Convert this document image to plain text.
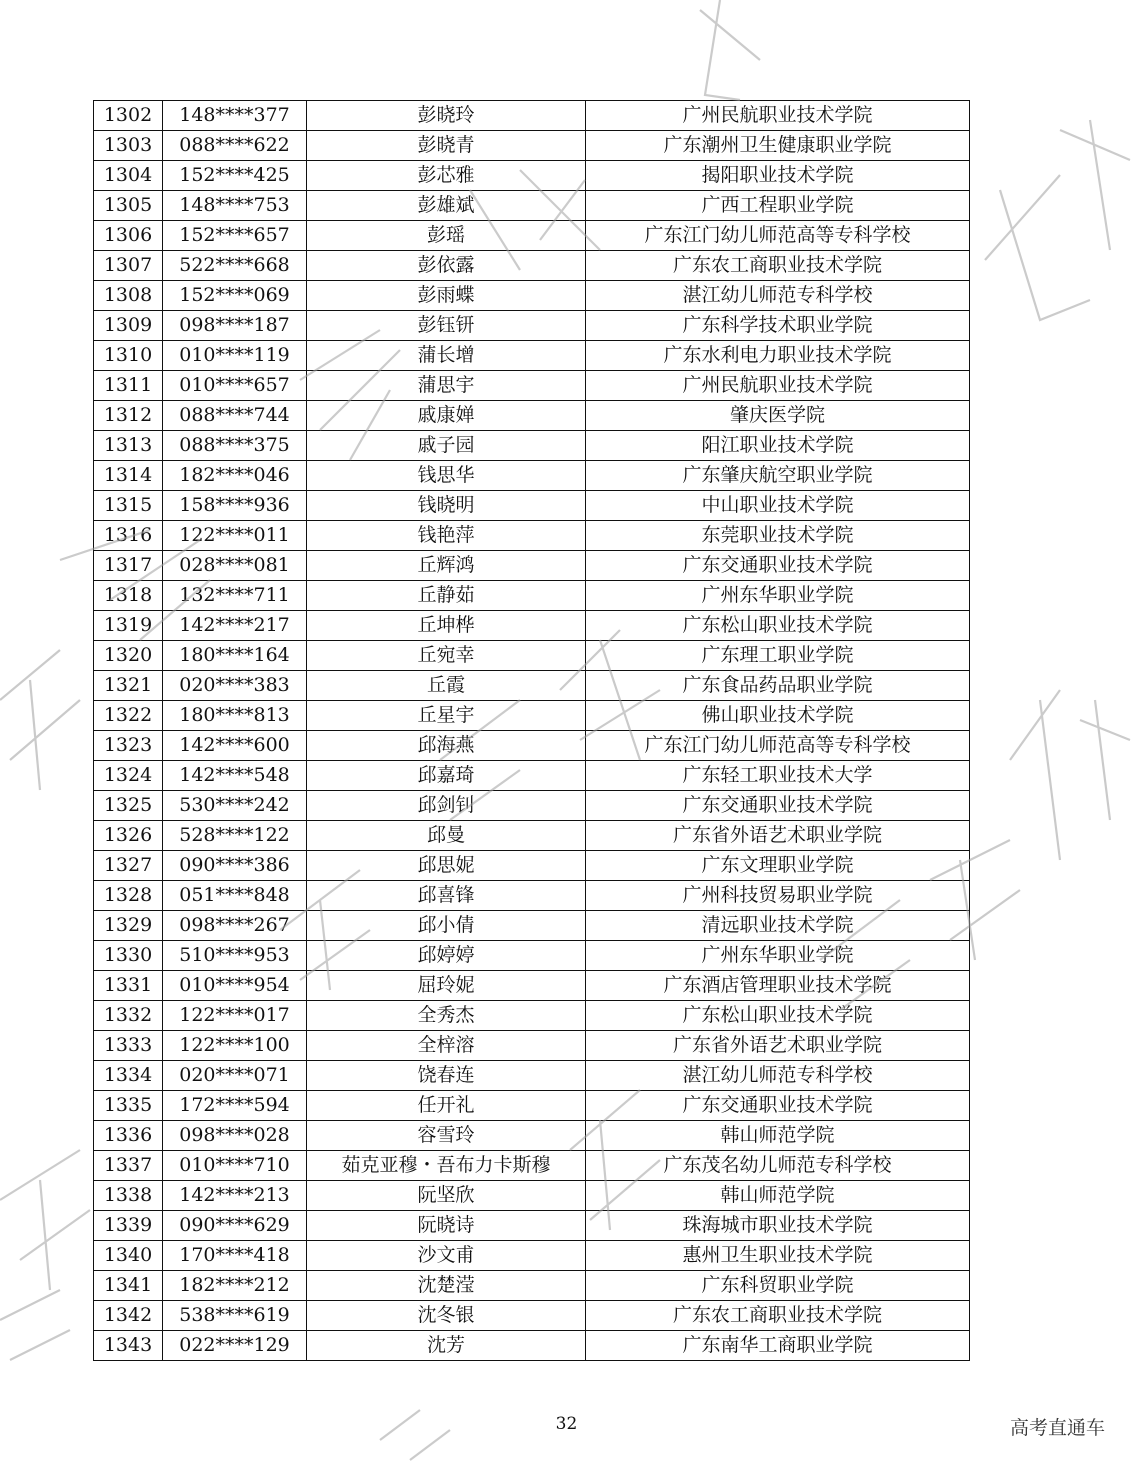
1302	148****377	彭晓玲	广州民航职业技术学院
1303	088****622	彭晓青	广东潮州卫生健康职业学院
1304	152****425	彭芯雅	揭阳职业技术学院
1305	148****753	彭雄斌	广西工程职业学院
1306	152****657	彭瑶	广东江门幼儿师范高等专科学校
1307	522****668	彭依露	广东农工商职业技术学院
1308	152****069	彭雨蝶	湛江幼儿师范专科学校
1309	098****187	彭钰钘	广东科学技术职业学院
1310	010****119	蒲长增	广东水利电力职业技术学院
1311	010****657	蒲思宇	广州民航职业技术学院
1312	088****744	戚康婵	肇庆医学院
1313	088****375	戚子园	阳江职业技术学院
1314	182****046	钱思华	广东肇庆航空职业学院
1315	158****936	钱晓明	中山职业技术学院
1316	122****011	钱艳萍	东莞职业技术学院
1317	028****081	丘辉鸿	广东交通职业技术学院
1318	132****711	丘静茹	广州东华职业学院
1319	142****217	丘坤桦	广东松山职业技术学院
1320	180****164	丘宛幸	广东理工职业学院
1321	020****383	丘霞	广东食品药品职业学院
1322	180****813	丘星宇	佛山职业技术学院
1323	142****600	邱海燕	广东江门幼儿师范高等专科学校
1324	142****548	邱嘉琦	广东轻工职业技术大学
1325	530****242	邱剑钊	广东交通职业技术学院
1326	528****122	邱曼	广东省外语艺术职业学院
1327	090****386	邱思妮	广东文理职业学院
1328	051****848	邱喜锋	广州科技贸易职业学院
1329	098****267	邱小倩	清远职业技术学院
1330	510****953	邱婷婷	广州东华职业学院
1331	010****954	屈玲妮	广东酒店管理职业技术学院
1332	122****017	全秀杰	广东松山职业技术学院
1333	122****100	全梓溶	广东省外语艺术职业学院
1334	020****071	饶春连	湛江幼儿师范专科学校
1335	172****594	任开礼	广东交通职业技术学院
1336	098****028	容雪玲	韩山师范学院
1337	010****710	茹克亚穆・吾布力卡斯穆	广东茂名幼儿师范专科学校
1338	142****213	阮坚欣	韩山师范学院
1339	090****629	阮晓诗	珠海城市职业技术学院
1340	170****418	沙文甫	惠州卫生职业技术学院
1341	182****212	沈楚滢	广东科贸职业学院
1342	538****619	沈冬银	广东农工商职业技术学院
1343	022****129	沈芳	广东南华工商职业学院
32	高考直通车
